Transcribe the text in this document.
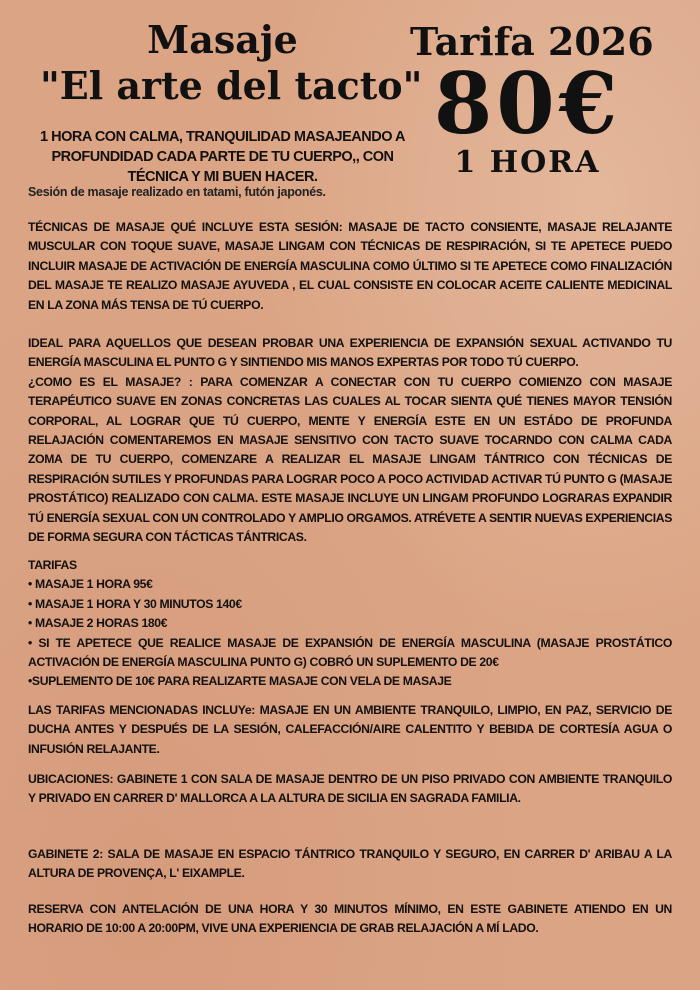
Masaje
"El arte del tacto"
Tarifa 2026
80€
1 HORA
1 HORA CON CALMA, TRANQUILIDAD MASAJEANDO A PROFUNDIDAD CADA PARTE DE TU CUERPO,, CON TÉCNICA Y MI BUEN HACER.
Sesión de masaje realizado en tatami, futón japonés.

TÉCNICAS DE MASAJE QUÉ INCLUYE ESTA SESIÓN: MASAJE DE TACTO CONSIENTE, MASAJE RELAJANTE MUSCULAR CON TOQUE SUAVE, MASAJE LINGAM CON TÉCNICAS DE RESPIRACIÓN, SI TE APETECE PUEDO INCLUIR MASAJE DE ACTIVACIÓN DE ENERGÍA MASCULINA COMO ÚLTIMO SI TE APETECE COMO FINALIZACIÓN DEL MASAJE TE REALIZO MASAJE AYUVEDA , EL CUAL CONSISTE EN COLOCAR ACEITE CALIENTE MEDICINAL EN LA ZONA MÁS TENSA DE TÚ CUERPO.

IDEAL PARA AQUELLOS QUE DESEAN PROBAR UNA EXPERIENCIA DE EXPANSIÓN SEXUAL ACTIVANDO TU ENERGÍA MASCULINA EL PUNTO G Y SINTIENDO MIS MANOS EXPERTAS POR TODO TÚ CUERPO.

¿COMO ES EL MASAJE? : PARA COMENZAR A CONECTAR CON TU CUERPO COMIENZO CON MASAJE TERAPÉUTICO SUAVE EN ZONAS CONCRETAS LAS CUALES AL TOCAR SIENTA QUÉ TIENES MAYOR TENSIÓN CORPORAL, AL LOGRAR QUE TÚ CUERPO, MENTE Y ENERGÍA ESTE EN UN ESTÁDO DE PROFUNDA RELAJACIÓN COMENTAREMOS EN MASAJE SENSITIVO CON TACTO SUAVE TOCARNDO CON CALMA CADA ZOMA DE TU CUERPO, COMENZARE A REALIZAR EL MASAJE LINGAM TÁNTRICO CON TÉCNICAS DE RESPIRACIÓN SUTILES Y PROFUNDAS PARA LOGRAR POCO A POCO ACTIVIDAD ACTIVAR TÚ PUNTO G (MASAJE PROSTÁTICO) REALIZADO CON CALMA. ESTE MASAJE INCLUYE UN LINGAM PROFUNDO LOGRARAS EXPANDIR TÚ ENERGÍA SEXUAL CON UN CONTROLADO Y AMPLIO ORGAMOS. ATRÉVETE A SENTIR NUEVAS EXPERIENCIAS DE FORMA SEGURA CON TÁCTICAS TÁNTRICAS.

TARIFAS

• MASAJE 1 HORA 95€

• MASAJE 1 HORA Y 30 MINUTOS 140€

• MASAJE 2 HORAS 180€

• SI TE APETECE QUE REALICE MASAJE DE EXPANSIÓN DE ENERGÍA MASCULINA (MASAJE PROSTÁTICO ACTIVACIÓN DE ENERGÍA MASCULINA PUNTO G) COBRÓ UN SUPLEMENTO DE 20€

•SUPLEMENTO DE 10€ PARA REALIZARTE MASAJE CON VELA DE MASAJE

LAS TARIFAS MENCIONADAS INCLUYe: MASAJE EN UN AMBIENTE TRANQUILO, LIMPIO, EN PAZ, SERVICIO DE DUCHA ANTES Y DESPUÉS DE LA SESIÓN, CALEFACCIÓN/AIRE CALENTITO Y BEBIDA DE CORTESÍA AGUA O INFUSIÓN RELAJANTE.

UBICACIONES: GABINETE 1 CON SALA DE MASAJE DENTRO DE UN PISO PRIVADO CON AMBIENTE TRANQUILO Y PRIVADO EN CARRER D' MALLORCA A LA ALTURA DE SICILIA EN SAGRADA FAMILIA.

GABINETE 2: SALA DE MASAJE EN ESPACIO TÁNTRICO TRANQUILO Y SEGURO, EN CARRER D' ARIBAU A LA ALTURA DE PROVENÇA, L' EIXAMPLE.

RESERVA CON ANTELACIÓN DE UNA HORA Y 30 MINUTOS MÍNIMO, EN ESTE GABINETE ATIENDO EN UN HORARIO DE 10:00 A 20:00PM, VIVE UNA EXPERIENCIA DE GRAB RELAJACIÓN A MÍ LADO.
